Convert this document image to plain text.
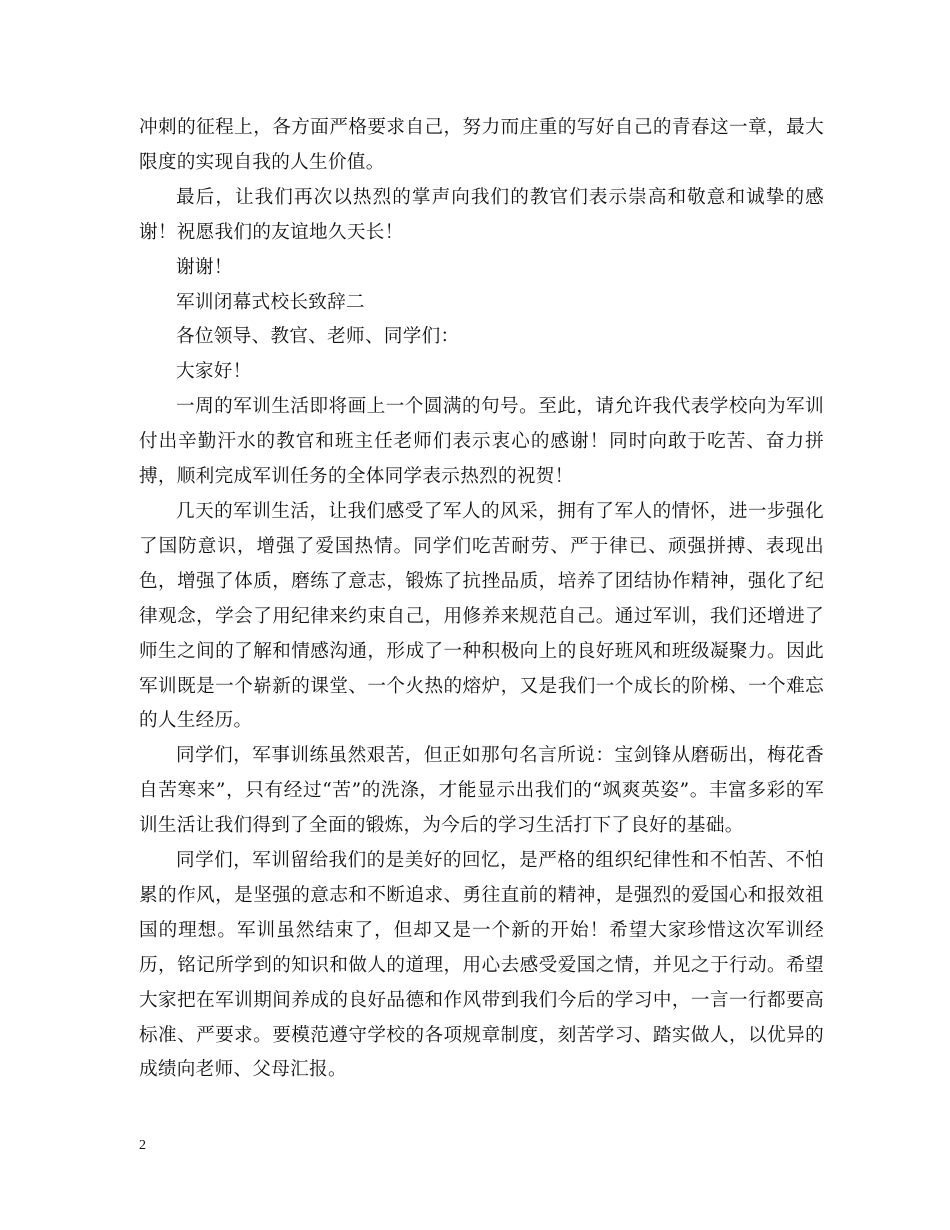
冲刺的征程上，各方面严格要求自己，努力而庄重的写好自己的青春这一章，最大限度的实现自我的人生价值。

最后，让我们再次以热烈的掌声向我们的教官们表示崇高和敬意和诚挚的感谢！祝愿我们的友谊地久天长！

谢谢！

军训闭幕式校长致辞二

各位领导、教官、老师、同学们：

大家好！

一周的军训生活即将画上一个圆满的句号。至此，请允许我代表学校向为军训付出辛勤汗水的教官和班主任老师们表示衷心的感谢！同时向敢于吃苦、奋力拼搏，顺利完成军训任务的全体同学表示热烈的祝贺！

几天的军训生活，让我们感受了军人的风采，拥有了军人的情怀，进一步强化了国防意识，增强了爱国热情。同学们吃苦耐劳、严于律已、顽强拼搏、表现出色，增强了体质，磨练了意志，锻炼了抗挫品质，培养了团结协作精神，强化了纪律观念，学会了用纪律来约束自己，用修养来规范自己。通过军训，我们还增进了师生之间的了解和情感沟通，形成了一种积极向上的良好班风和班级凝聚力。因此军训既是一个崭新的课堂、一个火热的熔炉，又是我们一个成长的阶梯、一个难忘的人生经历。

同学们，军事训练虽然艰苦，但正如那句名言所说：宝剑锋从磨砺出，梅花香自苦寒来”，只有经过“苦”的洗涤，才能显示出我们的“飒爽英姿”。丰富多彩的军训生活让我们得到了全面的锻炼，为今后的学习生活打下了良好的基础。

同学们，军训留给我们的是美好的回忆，是严格的组织纪律性和不怕苦、不怕累的作风，是坚强的意志和不断追求、勇往直前的精神，是强烈的爱国心和报效祖国的理想。军训虽然结束了，但却又是一个新的开始！希望大家珍惜这次军训经历，铭记所学到的知识和做人的道理，用心去感受爱国之情，并见之于行动。希望大家把在军训期间养成的良好品德和作风带到我们今后的学习中，一言一行都要高标准、严要求。要模范遵守学校的各项规章制度，刻苦学习、踏实做人，以优异的成绩向老师、父母汇报。

2
